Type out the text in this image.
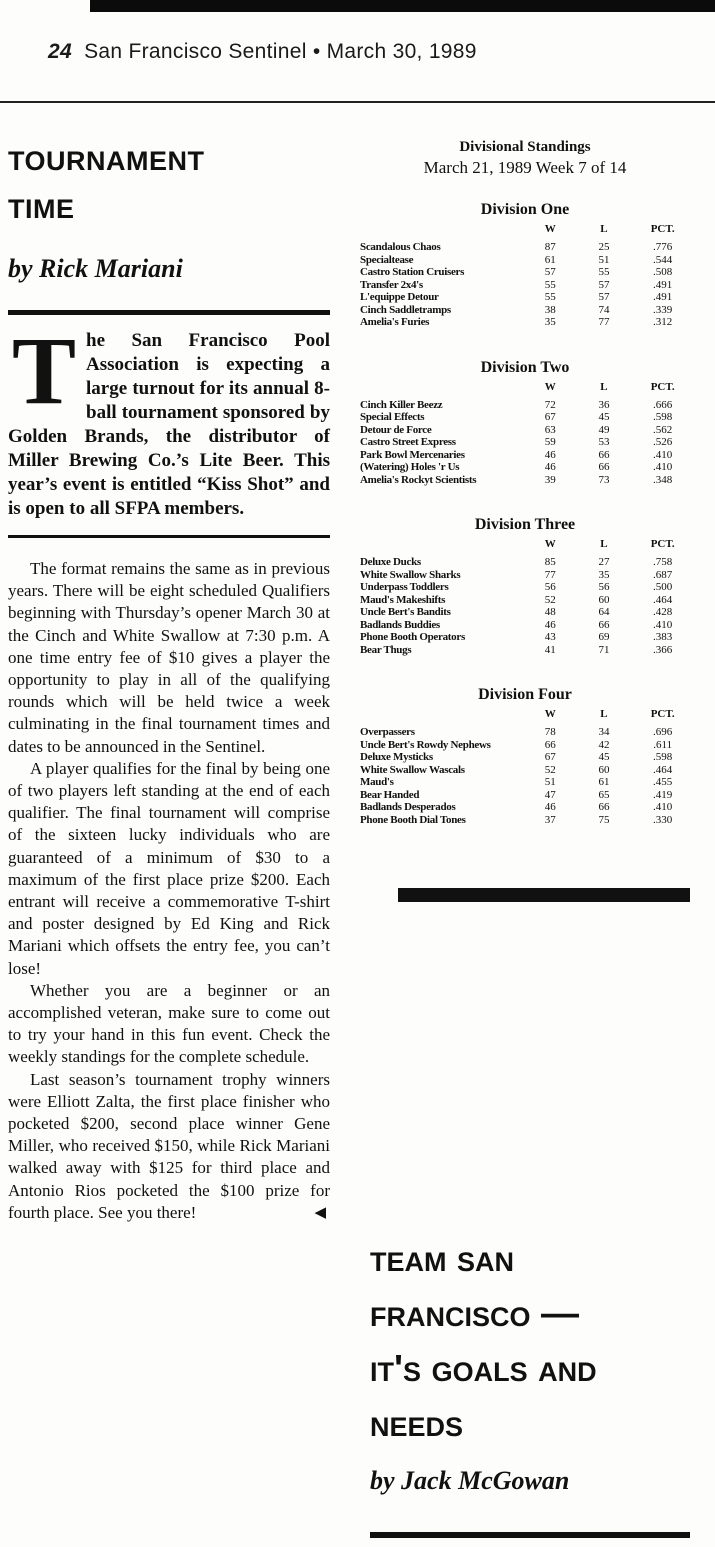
24 San Francisco Sentinel • March 30, 1989
tournament
time
by Rick Mariani
T he San Francisco Pool Association is expecting a large turnout for its annual 8-ball tournament sponsored by Golden Brands, the distributor of Miller Brewing Co.’s Lite Beer. This year’s event is entitled “Kiss Shot” and is open to all SFPA members.

The format remains the same as in previous years. There will be eight scheduled Qualifiers beginning with Thursday’s opener March 30 at the Cinch and White Swallow at 7:30 p.m. A one time entry fee of $10 gives a player the opportunity to play in all of the qualifying rounds which will be held twice a week culminating in the final tournament times and dates to be announced in the Sentinel.

A player qualifies for the final by being one of two players left standing at the end of each qualifier. The final tournament will comprise of the sixteen lucky individuals who are guaranteed of a minimum of $30 to a maximum of the first place prize $200. Each entrant will receive a commemorative T-shirt and poster designed by Ed King and Rick Mariani which offsets the entry fee, you can’t lose!

Whether you are a beginner or an accomplished veteran, make sure to come out to try your hand in this fun event. Check the weekly standings for the complete schedule.

Last season’s tournament trophy winners were Elliott Zalta, the first place finisher who pocketed $200, second place winner Gene Miller, who received $150, while Rick Mariani walked away with $125 for third place and Antonio Rios pocketed the $100 prize for fourth place. See you there!	◀

Divisional Standings
March 21, 1989 Week 7 of 14
Division One
	W	L	PCT.
Scandalous Chaos	87	25	.776
Specialtease	61	51	.544
Castro Station Cruisers	57	55	.508
Transfer 2x4's	55	57	.491
L'equippe Detour	55	57	.491
Cinch Saddletramps	38	74	.339
Amelia's Furies	35	77	.312
Division Two
	W	L	PCT.
Cinch Killer Beezz	72	36	.666
Special Effects	67	45	.598
Detour de Force	63	49	.562
Castro Street Express	59	53	.526
Park Bowl Mercenaries	46	66	.410
(Watering) Holes 'r Us	46	66	.410
Amelia's Rockyt Scientists	39	73	.348
Division Three
	W	L	PCT.
Deluxe Ducks	85	27	.758
White Swallow Sharks	77	35	.687
Underpass Toddlers	56	56	.500
Maud's Makeshifts	52	60	.464
Uncle Bert's Bandits	48	64	.428
Badlands Buddies	46	66	.410
Phone Booth Operators	43	69	.383
Bear Thugs	41	71	.366
Division Four
	W	L	PCT.
Overpassers	78	34	.696
Uncle Bert's Rowdy Nephews	66	42	.611
Deluxe Mysticks	67	45	.598
White Swallow Wascals	52	60	.464
Maud's	51	61	.455
Bear Handed	47	65	.419
Badlands Desperados	46	66	.410
Phone Booth Dial Tones	37	75	.330
team san
francisco —
it's goals and
needs
by Jack McGowan
